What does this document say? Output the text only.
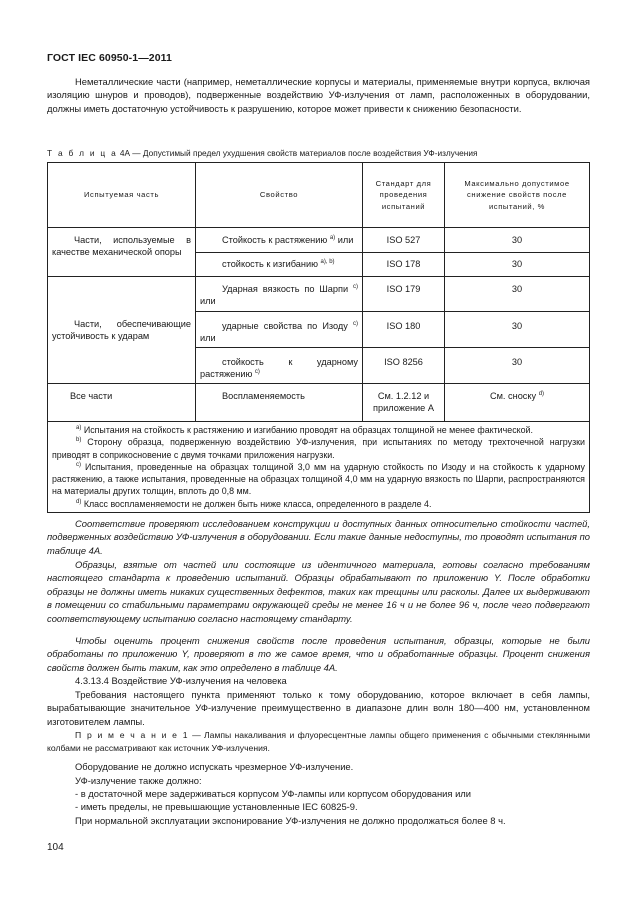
ГОСТ IEC 60950-1—2011
Неметаллические части (например, неметаллические корпусы и материалы, применяемые внутри корпуса, включая изоляцию шнуров и проводов), подверженные воздействию УФ-излучения от ламп, расположенных в оборудовании, должны иметь достаточную устойчивость к разрушению, которое может привести к снижению безопасности.
Т а б л и ц а 4А — Допустимый предел ухудшения свойств материалов после воздействия УФ-излучения
Испытуемая часть	Свойство	Стандарт для проведения испытаний	Максимально допустимое снижение свойств после испытаний, %
Части, используемые в качестве механической опоры	Стойкость к растяжению $^{a)}$ или	ISO 527	30
	стойкость к изгибанию $^{a), b)}$	ISO 178	30
Части, обеспечивающие устойчивость к ударам	Ударная вязкость по Шарпи $^{c)}$ или	ISO 179	30
	ударные свойства по Изоду $^{c)}$ или	ISO 180	30
	стойкость к ударному растяжению $^{c)}$	ISO 8256	30
Все части	Воспламеняемость	См. 1.2.12 и приложение А	См. сноску $^{d)}$

$^{a)}$ Испытания на стойкость к растяжению и изгибанию проводят на образцах толщиной не менее фактической.

$^{b)}$ Сторону образца, подверженную воздействию УФ-излучения, при испытаниях по методу трехточечной нагрузки приводят в соприкосновение с двумя точками приложения нагрузки.

$^{c)}$ Испытания, проведенные на образцах толщиной 3,0 мм на ударную стойкость по Изоду и на стойкость к ударному растяжению, а также испытания, проведенные на образцах толщиной 4,0 мм на ударную вязкость по Шарпи, распространяются на материалы других толщин, вплоть до 0,8 мм.

$^{d)}$ Класс воспламеняемости не должен быть ниже класса, определенного в разделе 4.			

Соответствие проверяют исследованием конструкции и доступных данных относительно стойкости частей, подверженных воздействию УФ-излучения в оборудовании. Если такие данные недоступны, то проводят испытания по таблице 4А.
Образцы, взятые от частей или состоящие из идентичного материала, готовы согласно требованиям настоящего стандарта к проведению испытаний. Образцы обрабатывают по приложению Y. После обработки образцы не должны иметь никаких существенных дефектов, таких как трещины или расколы. Далее их выдерживают в помещении со стабильными параметрами окружающей среды не менее 16 ч и не более 96 ч, после чего подвергают соответствующему испытанию согласно настоящему стандарту.
Чтобы оценить процент снижения свойств после проведения испытания, образцы, которые не были обработаны по приложению Y, проверяют в то же самое время, что и обработанные образцы. Процент снижения свойств должен быть таким, как это определено в таблице 4А.
4.3.13.4 Воздействие УФ-излучения на человека
Требования настоящего пункта применяют только к тому оборудованию, которое включает в себя лампы, вырабатывающие значительное УФ-излучение преимущественно в диапазоне длин волн 180—400 нм, установленном изготовителем лампы.
П р и м е ч а н и е 1 — Лампы накаливания и флуоресцентные лампы общего применения с обычными стеклянными колбами не рассматривают как источник УФ-излучения.
Оборудование не должно испускать чрезмерное УФ-излучение.
УФ-излучение также должно:
- в достаточной мере задерживаться корпусом УФ-лампы или корпусом оборудования или
- иметь пределы, не превышающие установленные IEC 60825-9.
При нормальной эксплуатации экспонирование УФ-излучения не должно продолжаться более 8 ч.
104
